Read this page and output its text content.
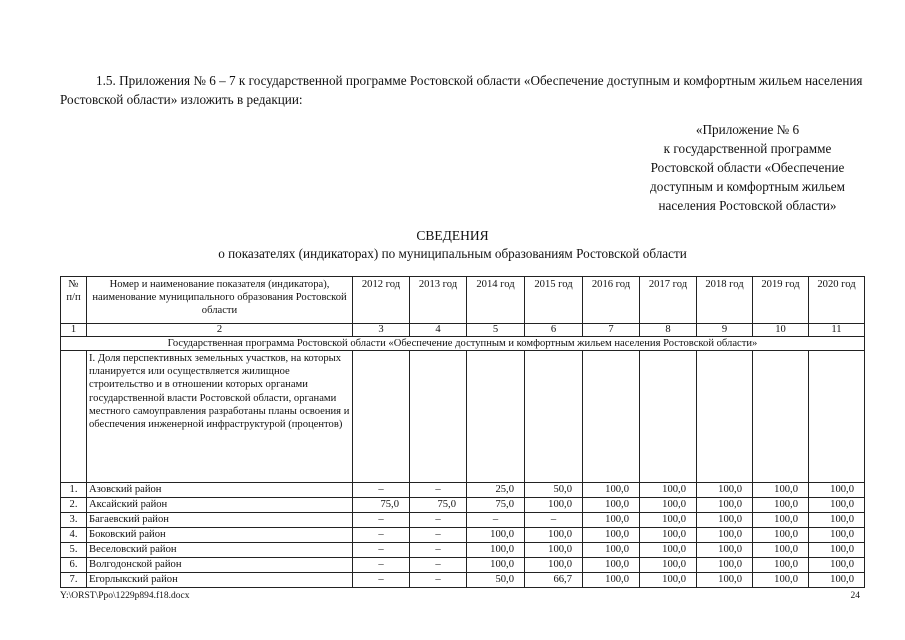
1.5. Приложения № 6 – 7 к государственной программе Ростовской области «Обеспечение доступным и комфортным жильем населения Ростовской области» изложить в редакции:
«Приложение № 6
к государственной программе
Ростовской области «Обеспечение
доступным и комфортным жильем
населения Ростовской области»
СВЕДЕНИЯ
о показателях (индикаторах) по муниципальным образованиям Ростовской области
№ п/п	Номер и наименование показателя (индикатора), наименование муниципального образования Ростовской области	2012 год	2013 год	2014 год	2015 год	2016 год	2017 год	2018 год	2019 год	2020 год
1	2	3	4	5	6	7	8	9	10	11
Государственная программа Ростовской области «Обеспечение доступным и комфортным жильем населения Ростовской области»										
	I. Доля перспективных земельных участков, на которых планируется или осуществляется жилищное строительство и в отношении которых органами государственной власти Ростовской области, органами местного самоуправления разработаны планы освоения и обеспечения инженерной инфраструктурой (процентов)									
1.	Азовский район	–	–	25,0	50,0	100,0	100,0	100,0	100,0	100,0
2.	Аксайский район	75,0	75,0	75,0	100,0	100,0	100,0	100,0	100,0	100,0
3.	Багаевский район	–	–	–	–	100,0	100,0	100,0	100,0	100,0
4.	Боковский район	–	–	100,0	100,0	100,0	100,0	100,0	100,0	100,0
5.	Веселовский район	–	–	100,0	100,0	100,0	100,0	100,0	100,0	100,0
6.	Волгодонской район	–	–	100,0	100,0	100,0	100,0	100,0	100,0	100,0
7.	Егорлыкский район	–	–	50,0	66,7	100,0	100,0	100,0	100,0	100,0
Y:\ORST\Ppo\1229p894.f18.docx	24
